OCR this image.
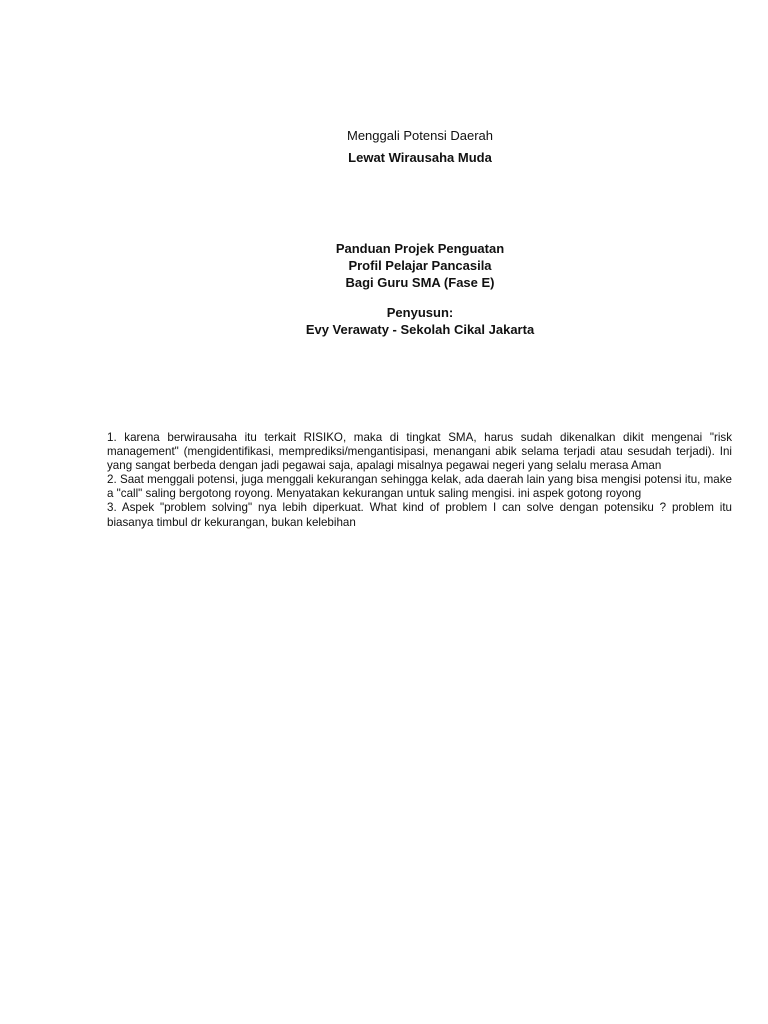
Menggali Potensi Daerah
Lewat Wirausaha Muda
Panduan Projek Penguatan
Profil Pelajar Pancasila
Bagi Guru SMA (Fase E)
Penyusun:
Evy Verawaty - Sekolah Cikal Jakarta

1. karena berwirausaha itu terkait RISIKO, maka di tingkat SMA, harus sudah dikenalkan dikit mengenai "risk management" (mengidentifikasi, memprediksi/mengantisipasi, menangani abik selama terjadi atau sesudah terjadi). Ini yang sangat berbeda dengan jadi pegawai saja, apalagi misalnya pegawai negeri yang selalu merasa Aman

2. Saat menggali potensi, juga menggali kekurangan sehingga kelak, ada daerah lain yang bisa mengisi potensi itu, make a "call" saling bergotong royong. Menyatakan kekurangan untuk saling mengisi. ini aspek gotong royong

3. Aspek "problem solving" nya lebih diperkuat. What kind of problem I can solve dengan potensiku ? problem itu biasanya timbul dr kekurangan, bukan kelebihan
